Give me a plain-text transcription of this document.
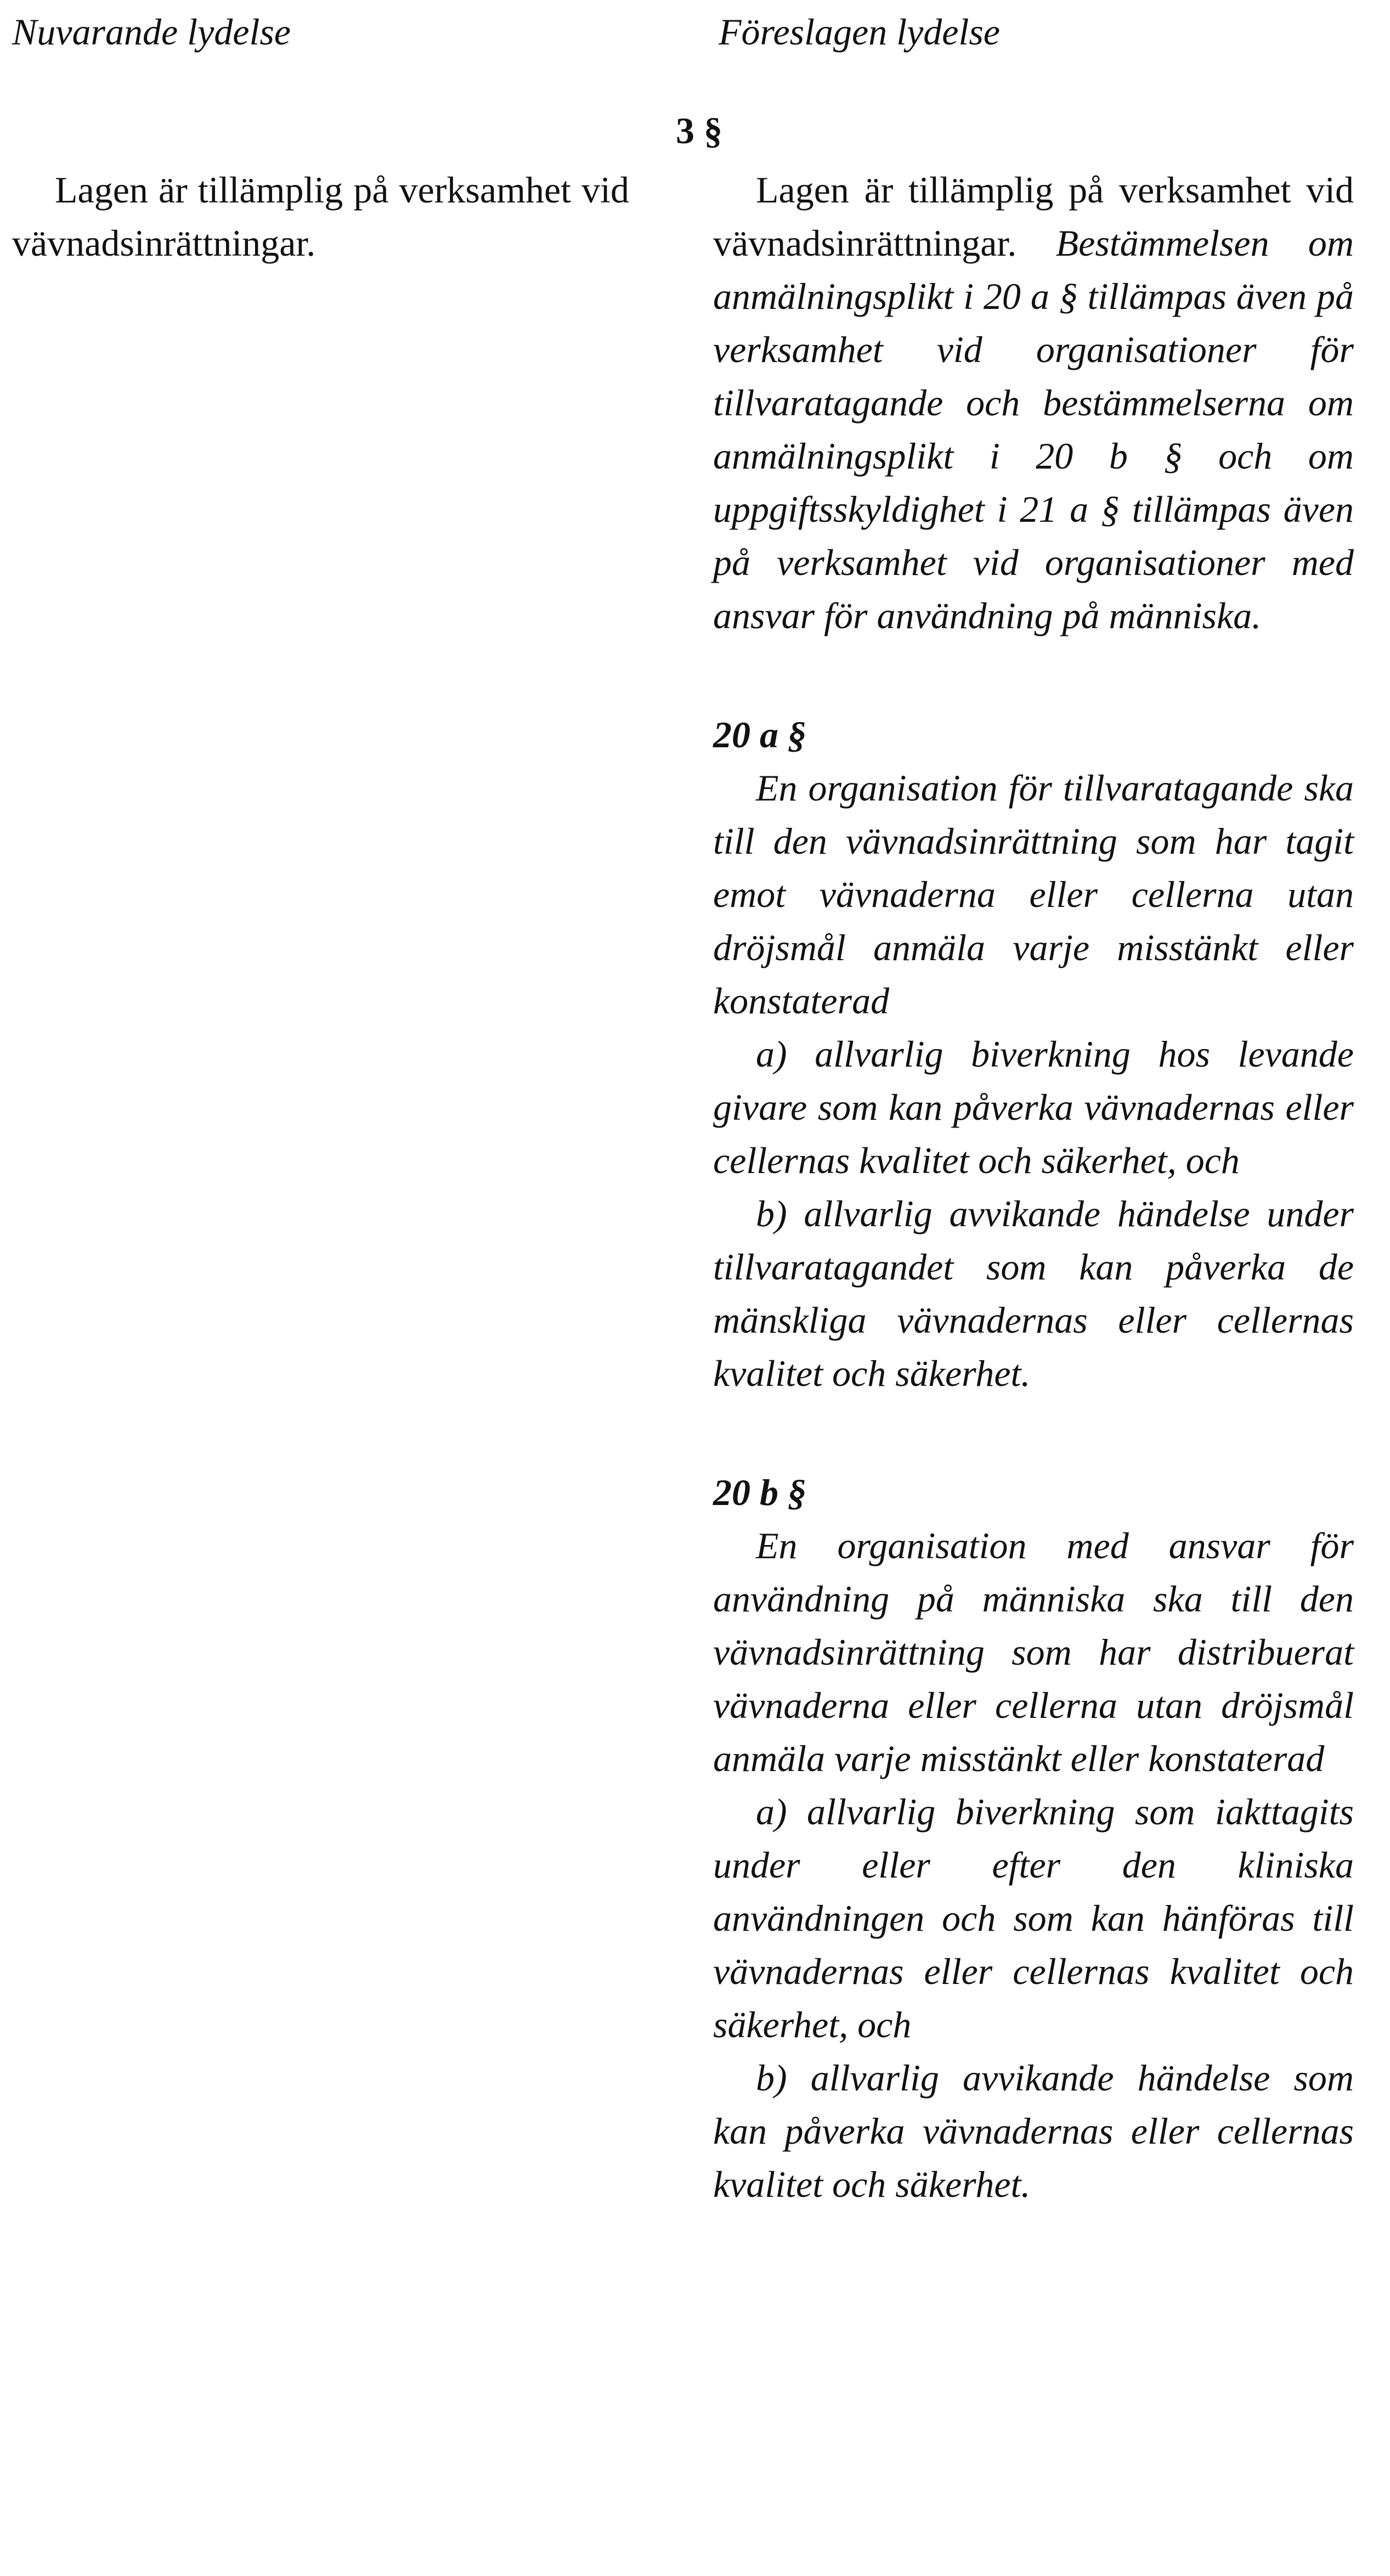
Nuvarande lydelse	Föreslagen lydelse
3 §

Lagen är tillämplig på verksamhet vid vävnadsinrättningar.

Lagen är tillämplig på verksamhet vid vävnadsinrättningar. Bestämmelsen om anmälningsplikt i 20 a § tillämpas även på verksamhet vid organisationer för tillvaratagande och bestämmelserna om anmälningsplikt i 20 b § och om uppgiftsskyldighet i 21 a § tillämpas även på verksamhet vid organisationer med ansvar för användning på människa.

20 a §

En organisation för tillvaratagande ska till den vävnadsinrättning som har tagit emot vävnaderna eller cellerna utan dröjsmål anmäla varje misstänkt eller konstaterad

a) allvarlig biverkning hos levande givare som kan påverka vävnadernas eller cellernas kvalitet och säkerhet, och

b) allvarlig avvikande händelse under tillvaratagandet som kan påverka de mänskliga vävnadernas eller cellernas kvalitet och säkerhet.

20 b §

En organisation med ansvar för användning på människa ska till den vävnadsinrättning som har distribuerat vävnaderna eller cellerna utan dröjsmål anmäla varje misstänkt eller konstaterad

a) allvarlig biverkning som iakttagits under eller efter den kliniska användningen och som kan hänföras till vävnadernas eller cellernas kvalitet och säkerhet, och

b) allvarlig avvikande händelse som kan påverka vävnadernas eller cellernas kvalitet och säkerhet.
